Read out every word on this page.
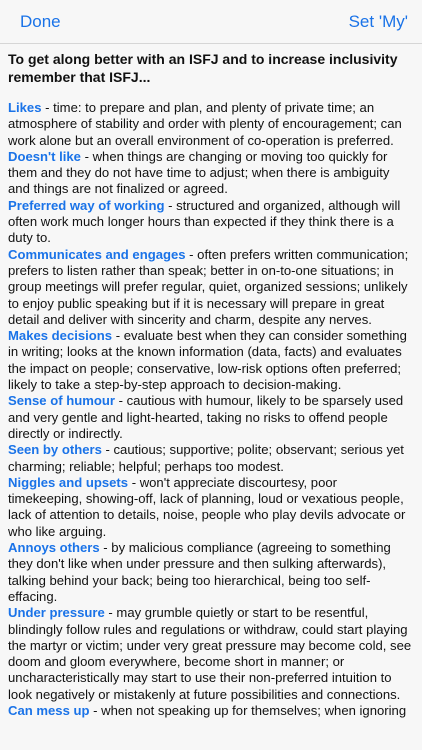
Done	Set 'My'
To get along better with an ISFJ and to increase inclusivity remember that ISFJ...

Likes - time: to prepare and plan, and plenty of private time; an atmosphere of stability and order with plenty of encouragement; can work alone but an overall environment of co-operation is preferred.

Doesn't like - when things are changing or moving too quickly for them and they do not have time to adjust; when there is ambiguity and things are not finalized or agreed.

Preferred way of working - structured and organized, although will often work much longer hours than expected if they think there is a duty to.

Communicates and engages - often prefers written communication; prefers to listen rather than speak; better in on-to-one situations; in group meetings will prefer regular, quiet, organized sessions; unlikely to enjoy public speaking but if it is necessary will prepare in great detail and deliver with sincerity and charm, despite any nerves.

Makes decisions - evaluate best when they can consider something in writing; looks at the known information (data, facts) and evaluates the impact on people; conservative, low-risk options often preferred; likely to take a step-by-step approach to decision-making.

Sense of humour - cautious with humour, likely to be sparsely used and very gentle and light-hearted, taking no risks to offend people directly or indirectly.

Seen by others - cautious; supportive; polite; observant; serious yet charming; reliable; helpful; perhaps too modest.

Niggles and upsets - won't appreciate discourtesy, poor timekeeping, showing-off, lack of planning, loud or vexatious people, lack of attention to details, noise, people who play devils advocate or who like arguing.

Annoys others - by malicious compliance (agreeing to something they don't like when under pressure and then sulking afterwards), talking behind your back; being too hierarchical, being too self-effacing.

Under pressure - may grumble quietly or start to be resentful, blindingly follow rules and regulations or withdraw, could start playing the martyr or victim; under very great pressure may become cold, see doom and gloom everywhere, become short in manner; or uncharacteristically may start to use their non-preferred intuition to look negatively or mistakenly at future possibilities and connections.

Can mess up - when not speaking up for themselves; when ignoring
